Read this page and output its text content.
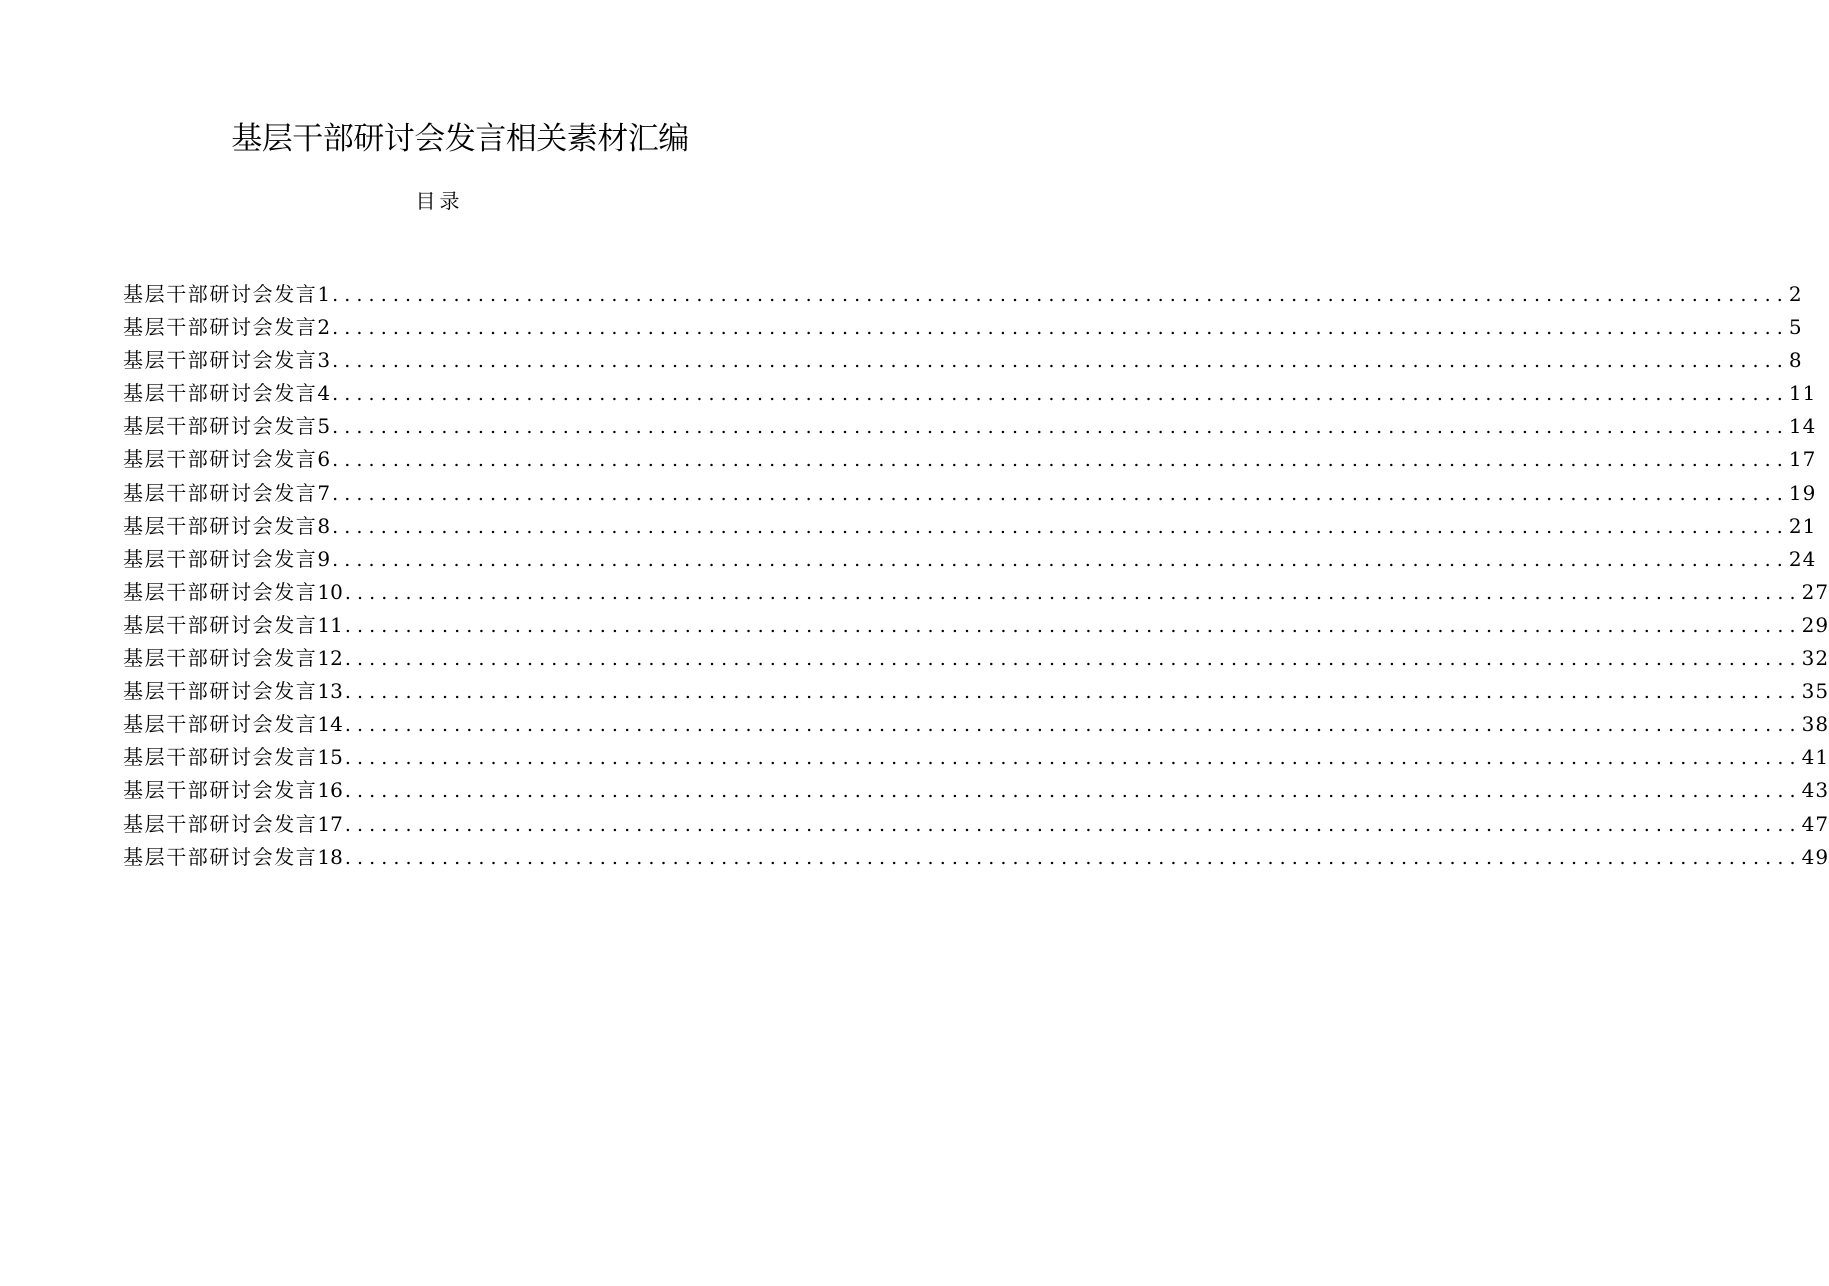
基层干部研讨会发言相关素材汇编
目录
基层干部研讨会发言 1 ........................................................................................................................ 2
基层干部研讨会发言 2 ........................................................................................................................ 5
基层干部研讨会发言 3 ........................................................................................................................ 8
基层干部研讨会发言 4 ........................................................................................................................ 11
基层干部研讨会发言 5 ........................................................................................................................ 14
基层干部研讨会发言 6 ........................................................................................................................ 17
基层干部研讨会发言 7 ........................................................................................................................ 19
基层干部研讨会发言 8 ........................................................................................................................ 21
基层干部研讨会发言 9 ........................................................................................................................ 24
基层干部研讨会发言 10 ........................................................................................................................ 27
基层干部研讨会发言 11 ........................................................................................................................ 29
基层干部研讨会发言 12 ........................................................................................................................ 32
基层干部研讨会发言 13 ........................................................................................................................ 35
基层干部研讨会发言 14 ........................................................................................................................ 38
基层干部研讨会发言 15 ........................................................................................................................ 41
基层干部研讨会发言 16 ........................................................................................................................ 43
基层干部研讨会发言 17 ........................................................................................................................ 47
基层干部研讨会发言 18 ........................................................................................................................ 49
